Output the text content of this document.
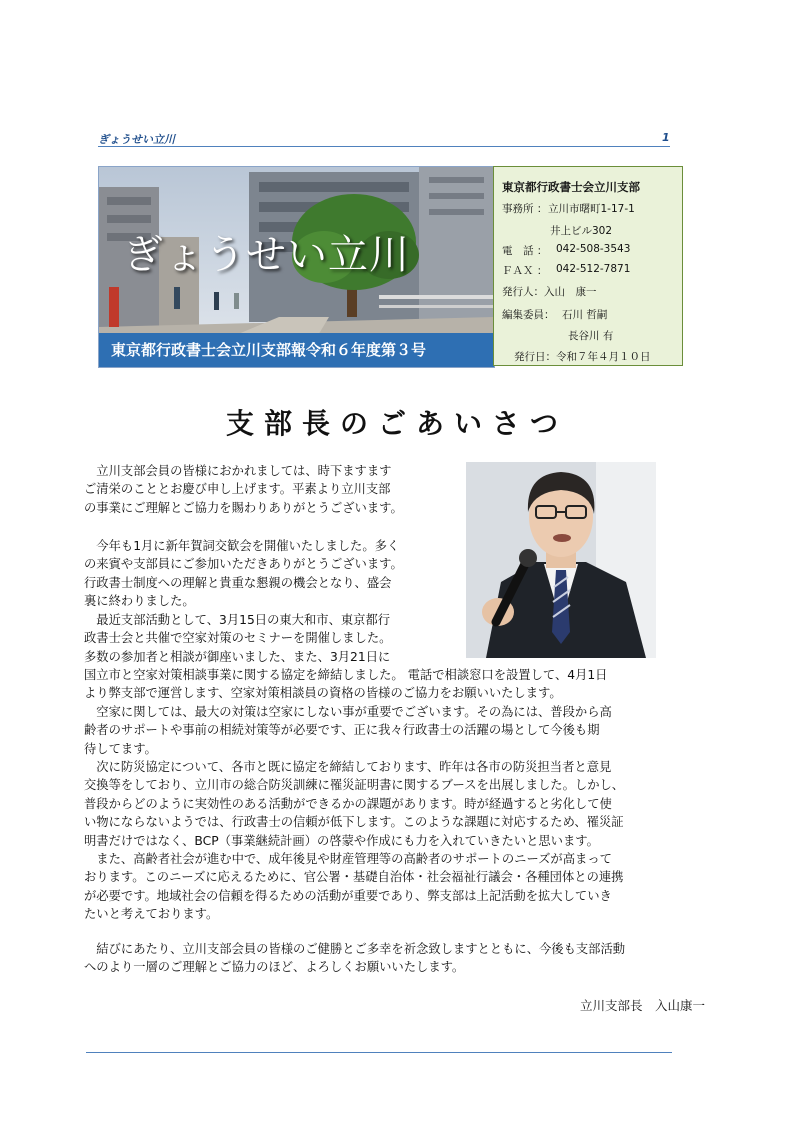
ぎょうせい立川	1
ぎょうせい立川
東京都行政書士会立川支部報令和６年度第３号
東京都行政書士会立川支部
事務所 ： 立川市曙町1-17-1
井上ビル302
電　話 ： 042-508-3543
ＦＡＸ ： 042-512-7871
発行人： 入山　康一
編集委員： 石川 哲嗣
長谷川 有
発行日：令和７年４月１０日
支部長のごあいさつ
　立川支部会員の皆様におかれましては、時下ますます
ご清栄のこととお慶び申し上げます。平素より立川支部
の事業にご理解とご協力を賜わりありがとうございます。
　今年も1月に新年賀詞交歓会を開催いたしました。多く
の来賓や支部員にご参加いただきありがとうございます。
行政書士制度への理解と貴重な懇親の機会となり、盛会
裏に終わりました。
　最近支部活動として、3月15日の東大和市、東京都行
政書士会と共催で空家対策のセミナーを開催しました。
多数の参加者と相談が御座いました、また、3月21日に
国立市と空家対策相談事業に関する協定を締結しました。 電話で相談窓口を設置して、4月1日
より弊支部で運営します、空家対策相談員の資格の皆様のご協力をお願いいたします。
　空家に関しては、最大の対策は空家にしない事が重要でございます。その為には、普段から高
齢者のサポートや事前の相続対策等が必要です、正に我々行政書士の活躍の場として今後も期
待してます。
　次に防災協定について、各市と既に協定を締結しております、昨年は各市の防災担当者と意見
交換等をしており、立川市の総合防災訓練に罹災証明書に関するブースを出展しました。しかし、
普段からどのように実効性のある活動ができるかの課題があります。時が経過すると劣化して使
い物にならないようでは、行政書士の信頼が低下します。このような課題に対応するため、罹災証
明書だけではなく、BCP（事業継続計画）の啓蒙や作成にも力を入れていきたいと思います。
　また、高齢者社会が進む中で、成年後見や財産管理等の高齢者のサポートのニーズが高まって
おります。このニーズに応えるために、官公署・基礎自治体・社会福祉行議会・各種団体との連携
が必要です。地域社会の信頼を得るための活動が重要であり、弊支部は上記活動を拡大していき
たいと考えております。
　結びにあたり、立川支部会員の皆様のご健勝とご多幸を祈念致しますとともに、今後も支部活動
へのより一層のご理解とご協力のほど、よろしくお願いいたします。
立川支部長　入山康一
